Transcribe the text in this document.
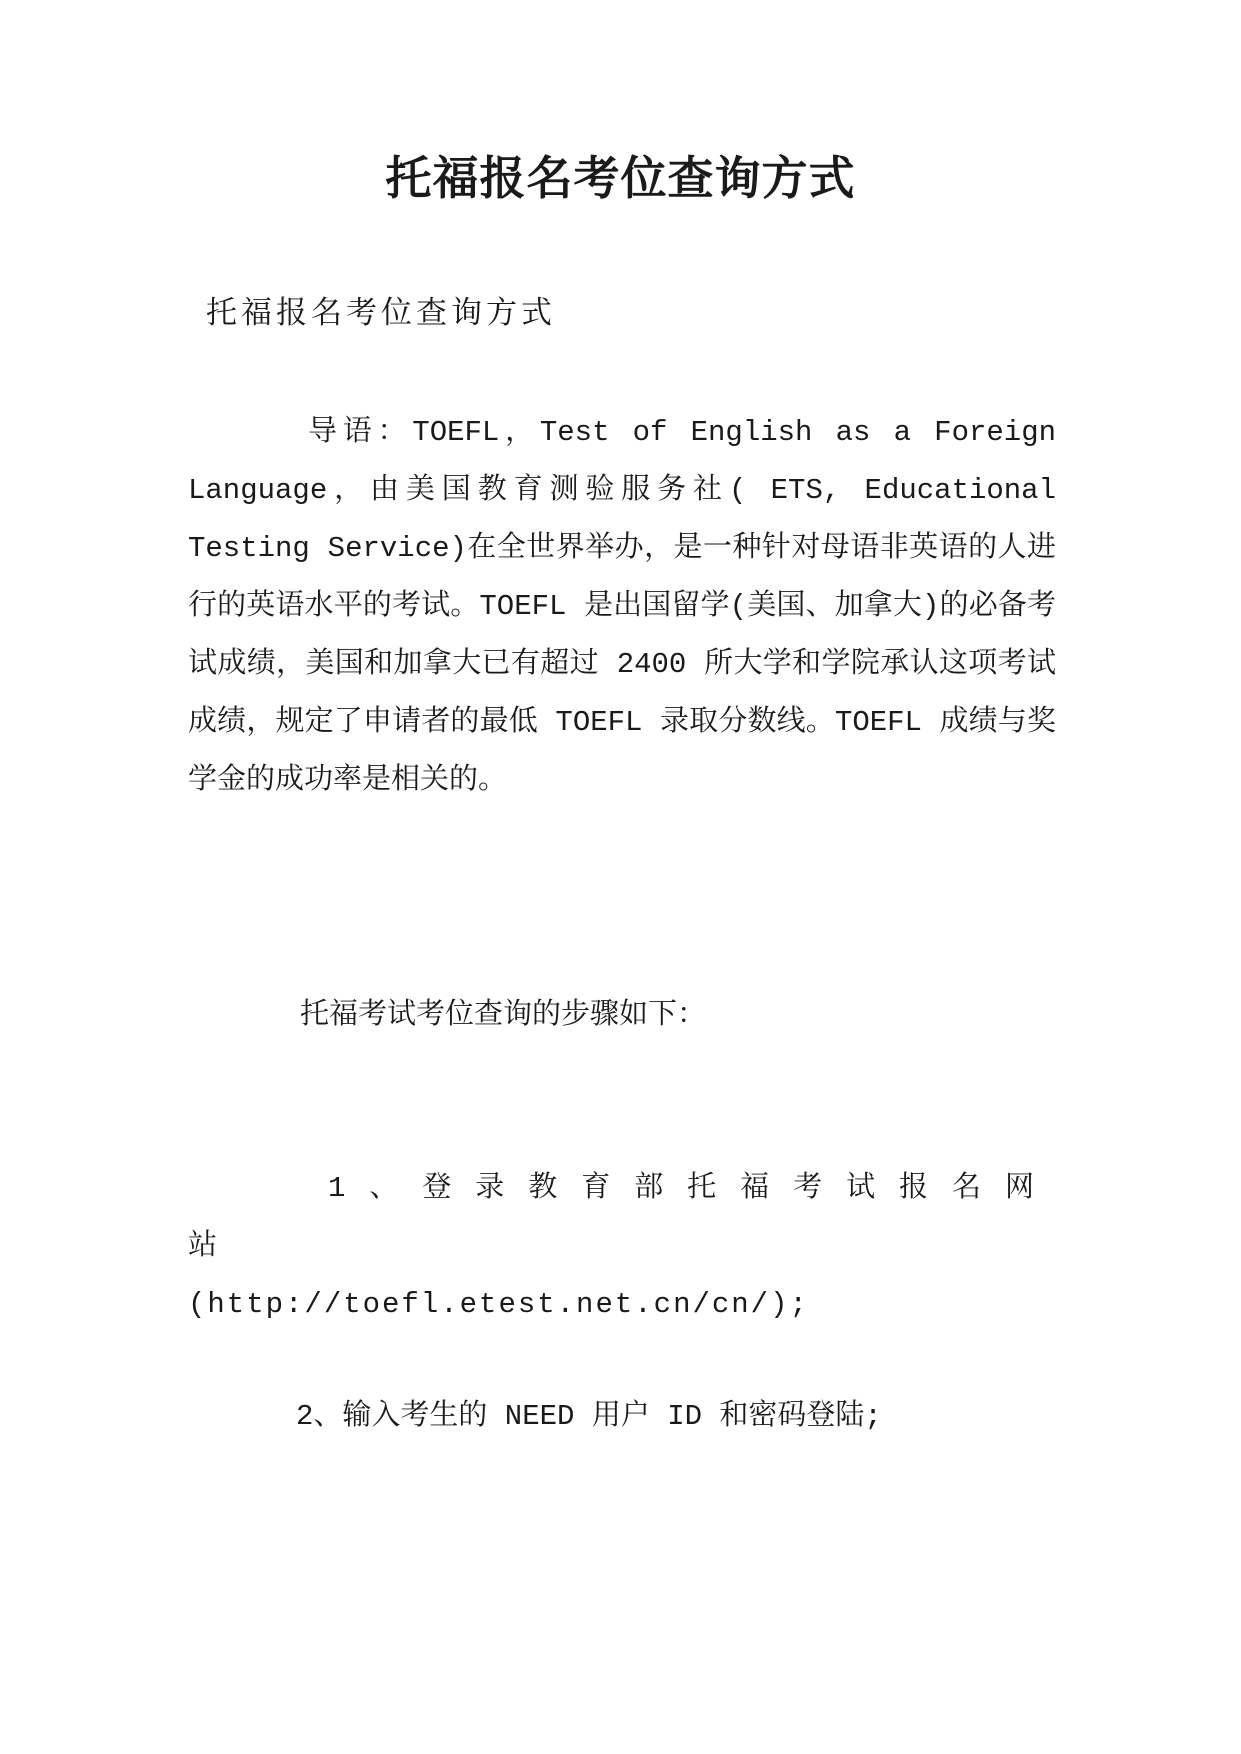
托福报名考位查询方式

托福报名考位查询方式

导语：TOEFL，Test of English as a Foreign Language，由美国教育测验服务社( ETS, Educational Testing Service)在全世界举办，是一种针对母语非英语的人进行的英语水平的考试。TOEFL 是出国留学(美国、加拿大)的必备考试成绩，美国和加拿大已有超过 2400 所大学和学院承认这项考试成绩，规定了申请者的最低 TOEFL 录取分数线。TOEFL 成绩与奖学金的成功率是相关的。

托福考试考位查询的步骤如下：

1、登录教育部托福考试报名网站
(http://toefl.etest.net.cn/cn/);

2、输入考生的 NEED 用户 ID 和密码登陆;
